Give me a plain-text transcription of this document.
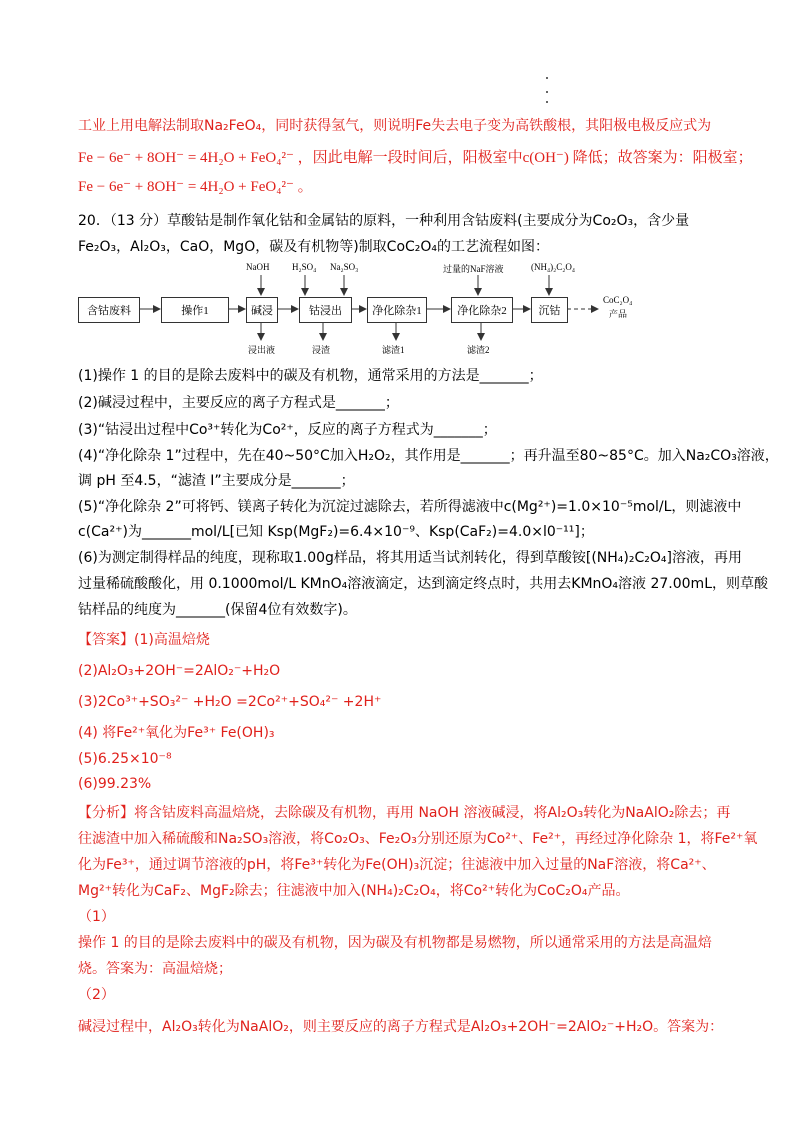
工业上用电解法制取Na₂FeO₄，同时获得氢气，则说明Fe失去电子变为高铁酸根，其阳极电极反应式为
Fe − 6e⁻ + 8OH⁻ = 4H₂O + FeO₄²⁻ ，因此电解一段时间后，阳极室中c(OH⁻) 降低；故答案为：阳极室；
Fe − 6e⁻ + 8OH⁻ = 4H₂O + FeO₄²⁻ 。
20．（13 分）草酸钴是制作氧化钴和金属钴的原料，一种利用含钴废料(主要成分为Co₂O₃，含少量
Fe₂O₃，Al₂O₃，CaO，MgO，碳及有机物等)制取CoC₂O₄的工艺流程如图：
含钴废料	操作1	碱浸	钴浸出	净化除杂1	净化除杂2	沉钴
NaOH	H₂SO₄ Na₂SO₃	过量的NaF溶液	(NH₄)₂C₂O₄
浸出液	浸渣	滤渣1	滤渣2
CoC₂O₄
产品
(1)操作 1 的目的是除去废料中的碳及有机物，通常采用的方法是_______；
(2)碱浸过程中，主要反应的离子方程式是_______；
(3)“钴浸出过程中Co³⁺转化为Co²⁺，反应的离子方程式为_______；
(4)“净化除杂 1”过程中，先在40~50°C加入H₂O₂，其作用是_______；再升温至80~85°C。加入Na₂CO₃溶液，
调 pH 至4.5，“滤渣 I”主要成分是_______；
(5)“净化除杂 2”可将钙、镁离子转化为沉淀过滤除去，若所得滤液中c(Mg²⁺)=1.0×10⁻⁵mol/L，则滤液中
c(Ca²⁺)为_______mol/L[已知 Ksp(MgF₂)=6.4×10⁻⁹、Ksp(CaF₂)=4.0×l0⁻¹¹]；
(6)为测定制得样品的纯度，现称取1.00g样品，将其用适当试剂转化，得到草酸铵[(NH₄)₂C₂O₄]溶液，再用
过量稀硫酸酸化，用 0.1000mol/L KMnO₄溶液滴定，达到滴定终点时，共用去KMnO₄溶液 27.00mL，则草酸
钴样品的纯度为_______(保留4位有效数字)。
【答案】(1)高温焙烧
(2)Al₂O₃+2OH⁻=2AlO₂⁻+H₂O
(3)2Co³⁺+SO₃²⁻ +H₂O =2Co²⁺+SO₄²⁻ +2H⁺
(4) 将Fe²⁺氧化为Fe³⁺ Fe(OH)₃
(5)6.25×10⁻⁸
(6)99.23%
【分析】将含钴废料高温焙烧，去除碳及有机物，再用 NaOH 溶液碱浸，将Al₂O₃转化为NaAlO₂除去；再
往滤渣中加入稀硫酸和Na₂SO₃溶液，将Co₂O₃、Fe₂O₃分别还原为Co²⁺、Fe²⁺，再经过净化除杂 1，将Fe²⁺氧
化为Fe³⁺，通过调节溶液的pH，将Fe³⁺转化为Fe(OH)₃沉淀；往滤液中加入过量的NaF溶液，将Ca²⁺、
Mg²⁺转化为CaF₂、MgF₂除去；往滤液中加入(NH₄)₂C₂O₄，将Co²⁺转化为CoC₂O₄产品。
（1）
操作 1 的目的是除去废料中的碳及有机物，因为碳及有机物都是易燃物，所以通常采用的方法是高温焙
烧。答案为：高温焙烧；
（2）
碱浸过程中，Al₂O₃转化为NaAlO₂，则主要反应的离子方程式是Al₂O₃+2OH⁻=2AlO₂⁻+H₂O。答案为：
